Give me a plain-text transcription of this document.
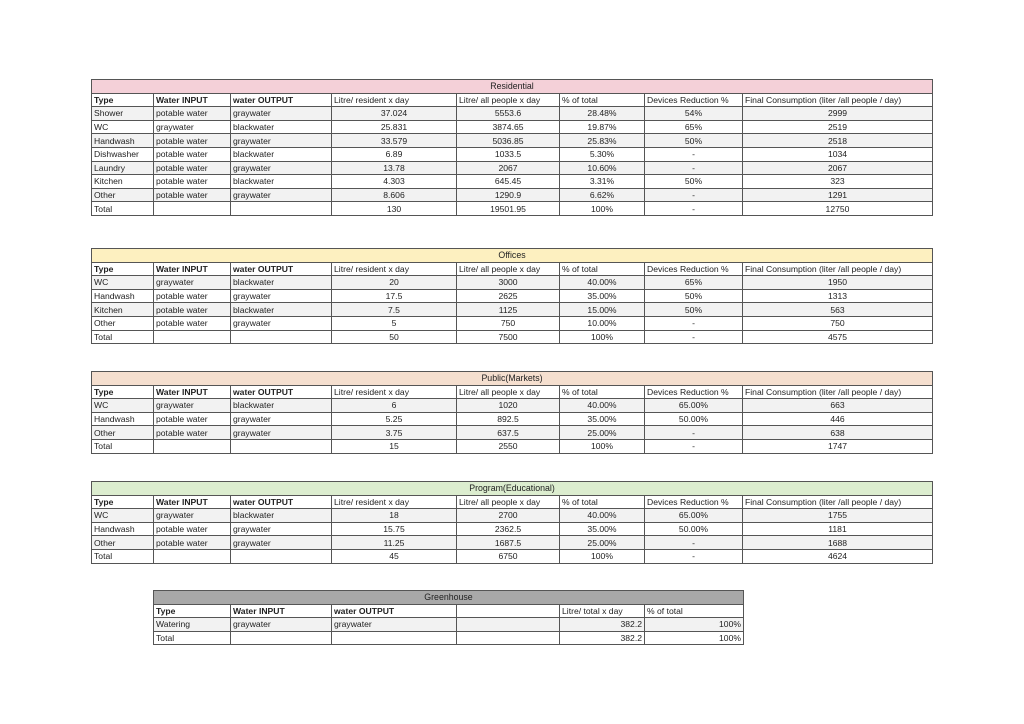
Residential							
Type	Water INPUT	water OUTPUT	Litre/ resident x day	Litre/ all people x day	% of total	Devices Reduction %	Final Consumption (liter /all people / day)
Shower	potable water	graywater	37.024	5553.6	28.48%	54%	2999
WC	graywater	blackwater	25.831	3874.65	19.87%	65%	2519
Handwash	potable water	graywater	33.579	5036.85	25.83%	50%	2518
Dishwasher	potable water	blackwater	6.89	1033.5	5.30%	-	1034
Laundry	potable water	graywater	13.78	2067	10.60%	-	2067
Kitchen	potable water	blackwater	4.303	645.45	3.31%	50%	323
Other	potable water	graywater	8.606	1290.9	6.62%	-	1291
Total			130	19501.95	100%	-	12750
Offices							
Type	Water INPUT	water OUTPUT	Litre/ resident x day	Litre/ all people x day	% of total	Devices Reduction %	Final Consumption (liter /all people / day)
WC	graywater	blackwater	20	3000	40.00%	65%	1950
Handwash	potable water	graywater	17.5	2625	35.00%	50%	1313
Kitchen	potable water	blackwater	7.5	1125	15.00%	50%	563
Other	potable water	graywater	5	750	10.00%	-	750
Total			50	7500	100%	-	4575
Public(Markets)							
Type	Water INPUT	water OUTPUT	Litre/ resident x day	Litre/ all people x day	% of total	Devices Reduction %	Final Consumption (liter /all people / day)
WC	graywater	blackwater	6	1020	40.00%	65.00%	663
Handwash	potable water	graywater	5.25	892.5	35.00%	50.00%	446
Other	potable water	graywater	3.75	637.5	25.00%	-	638
Total			15	2550	100%	-	1747
Program(Educational)							
Type	Water INPUT	water OUTPUT	Litre/ resident x day	Litre/ all people x day	% of total	Devices Reduction %	Final Consumption (liter /all people / day)
WC	graywater	blackwater	18	2700	40.00%	65.00%	1755
Handwash	potable water	graywater	15.75	2362.5	35.00%	50.00%	1181
Other	potable water	graywater	11.25	1687.5	25.00%	-	1688
Total			45	6750	100%	-	4624
Greenhouse					
Type	Water INPUT	water OUTPUT		Litre/ total x day	% of total
Watering	graywater	graywater		382.2	100%
Total				382.2	100%
